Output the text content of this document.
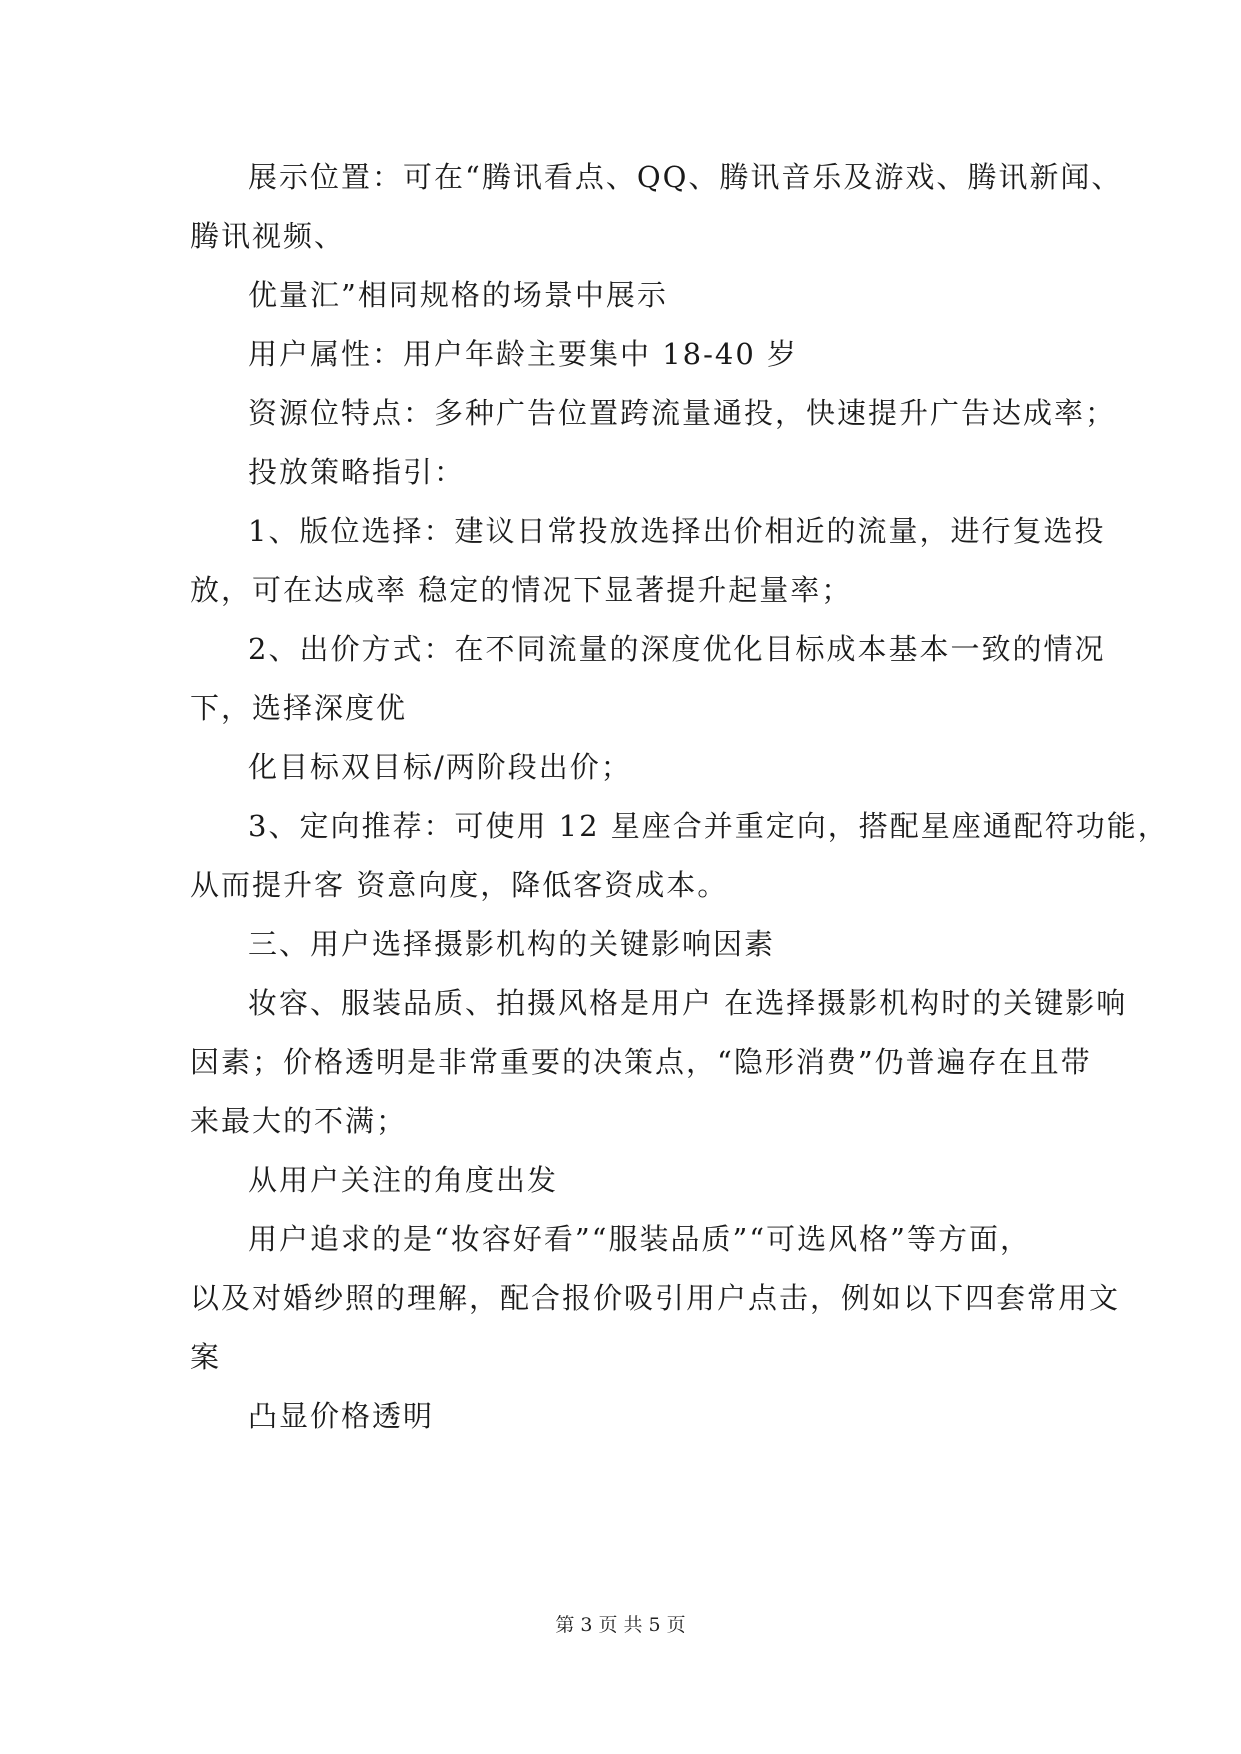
展示位置：可在“腾讯看点、QQ、腾讯音乐及游戏、腾讯新闻、

腾讯视频、

优量汇”相同规格的场景中展示

用户属性：用户年龄主要集中 18-40 岁

资源位特点：多种广告位置跨流量通投，快速提升广告达成率；

投放策略指引：

1、版位选择：建议日常投放选择出价相近的流量，进行复选投

放，可在达成率 稳定的情况下显著提升起量率；

2、出价方式：在不同流量的深度优化目标成本基本一致的情况

下，选择深度优

化目标双目标/两阶段出价；

3、定向推荐：可使用 12 星座合并重定向，搭配星座通配符功能，

从而提升客 资意向度，降低客资成本。

三、用户选择摄影机构的关键影响因素

妆容、服装品质、拍摄风格是用户 在选择摄影机构时的关键影响

因素；价格透明是非常重要的决策点，“隐形消费”仍普遍存在且带

来最大的不满；

从用户关注的角度出发

用户追求的是“妆容好看”“服装品质”“可选风格”等方面，

以及对婚纱照的理解，配合报价吸引用户点击，例如以下四套常用文

案

凸显价格透明

第 3 页 共 5 页
